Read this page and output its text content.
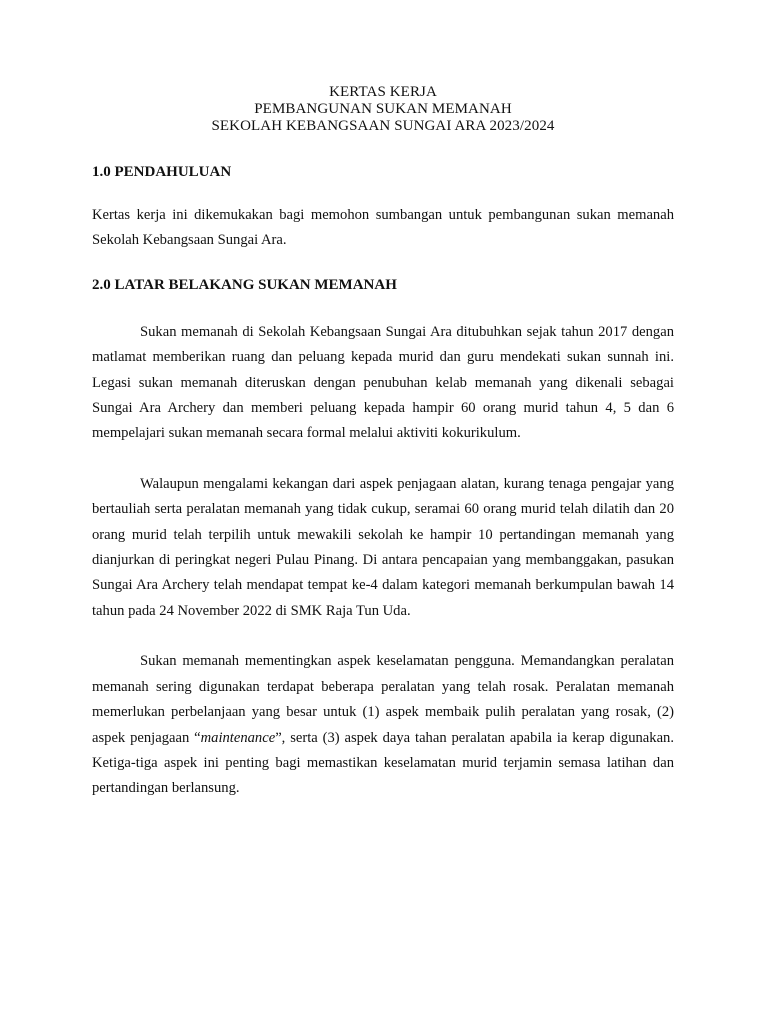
KERTAS KERJA
PEMBANGUNAN SUKAN MEMANAH
SEKOLAH KEBANGSAAN SUNGAI ARA 2023/2024
1.0 PENDAHULUAN

Kertas kerja ini dikemukakan bagi memohon sumbangan untuk pembangunan sukan memanah Sekolah Kebangsaan Sungai Ara.

2.0 LATAR BELAKANG SUKAN MEMANAH

Sukan memanah di Sekolah Kebangsaan Sungai Ara ditubuhkan sejak tahun 2017 dengan matlamat memberikan ruang dan peluang kepada murid dan guru mendekati sukan sunnah ini. Legasi sukan memanah diteruskan dengan penubuhan kelab memanah yang dikenali sebagai Sungai Ara Archery dan memberi peluang kepada hampir 60 orang murid tahun 4, 5 dan 6 mempelajari sukan memanah secara formal melalui aktiviti kokurikulum.

Walaupun mengalami kekangan dari aspek penjagaan alatan, kurang tenaga pengajar yang bertauliah serta peralatan memanah yang tidak cukup, seramai 60 orang murid telah dilatih dan 20 orang murid telah terpilih untuk mewakili sekolah ke hampir 10 pertandingan memanah yang dianjurkan di peringkat negeri Pulau Pinang. Di antara pencapaian yang membanggakan, pasukan Sungai Ara Archery telah mendapat tempat ke-4 dalam kategori memanah berkumpulan bawah 14 tahun pada 24 November 2022 di SMK Raja Tun Uda.

Sukan memanah mementingkan aspek keselamatan pengguna. Memandangkan peralatan memanah sering digunakan terdapat beberapa peralatan yang telah rosak. Peralatan memanah memerlukan perbelanjaan yang besar untuk (1) aspek membaik pulih peralatan yang rosak, (2) aspek penjagaan “maintenance”, serta (3) aspek daya tahan peralatan apabila ia kerap digunakan. Ketiga-tiga aspek ini penting bagi memastikan keselamatan murid terjamin semasa latihan dan pertandingan berlansung.
